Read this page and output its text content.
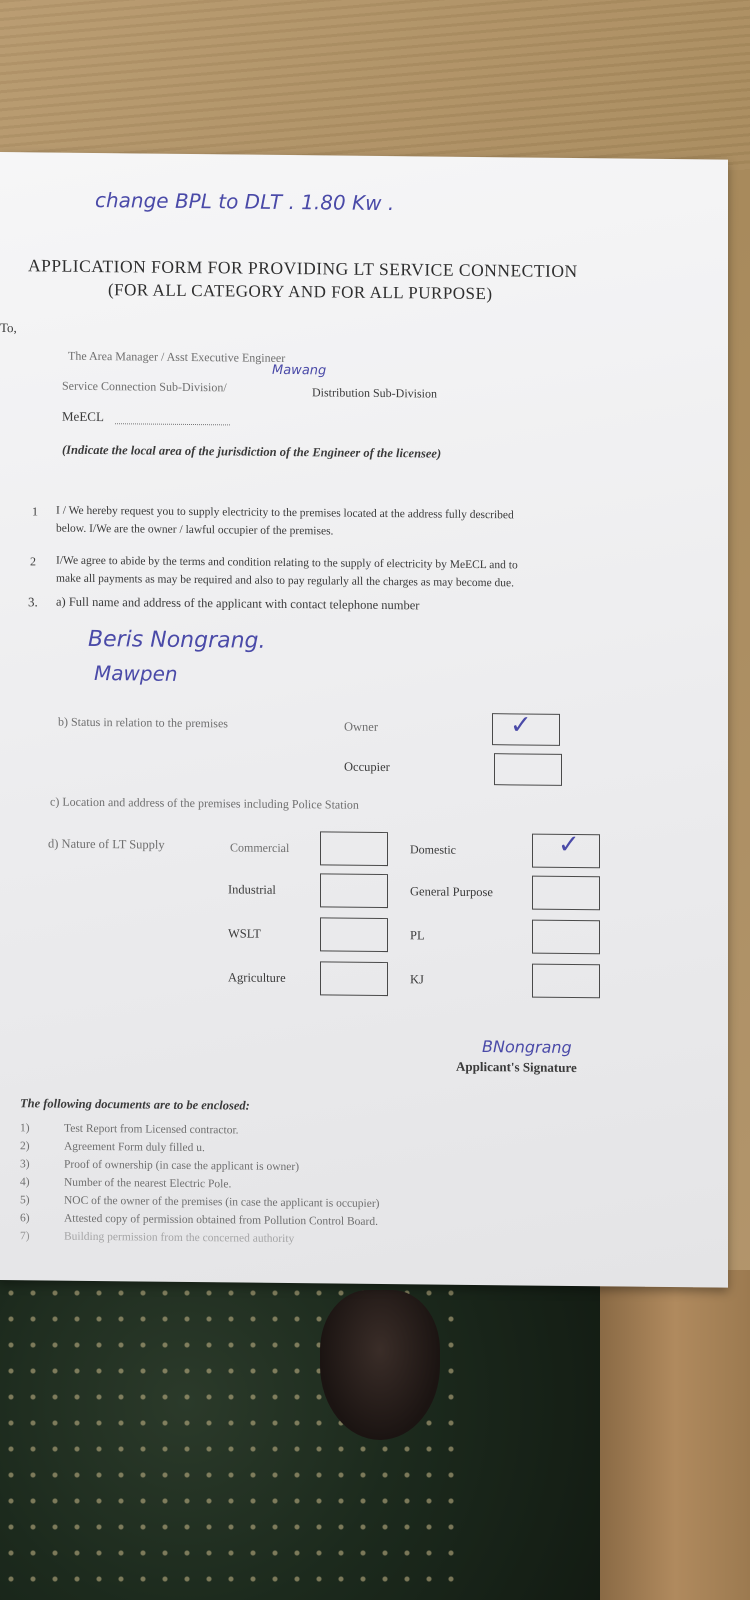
change BPL to DLT . 1.80 Kw .
APPLICATION FORM FOR PROVIDING LT SERVICE CONNECTION
(FOR ALL CATEGORY AND FOR ALL PURPOSE)
To,
The Area Manager / Asst Executive Engineer
Mawang
Service Connection Sub-Division/	Distribution Sub-Division
MeECL
(Indicate the local area of the jurisdiction of the Engineer of the licensee)
1 I / We hereby request you to supply electricity to the premises located at the address fully described
below. I/We are the owner / lawful occupier of the premises.
2 I/We agree to abide by the terms and condition relating to the supply of electricity by MeECL and to
make all payments as may be required and also to pay regularly all the charges as may become due.
3. a) Full name and address of the applicant with contact telephone number
Beris Nongrang.
Mawpen
b) Status in relation to the premises	Owner	✓
Occupier
c) Location and address of the premises including Police Station
d) Nature of LT Supply	Commercial	Domestic	✓
Industrial	General Purpose
WSLT	PL
Agriculture	KJ
BNongrang
Applicant's Signature
The following documents are to be enclosed:
1)	Test Report from Licensed contractor.
2)	Agreement Form duly filled u.
3)	Proof of ownership (in case the applicant is owner)
4)	Number of the nearest Electric Pole.
5)	NOC of the owner of the premises (in case the applicant is occupier)
6)	Attested copy of permission obtained from Pollution Control Board.
7)	Building permission from the concerned authority
